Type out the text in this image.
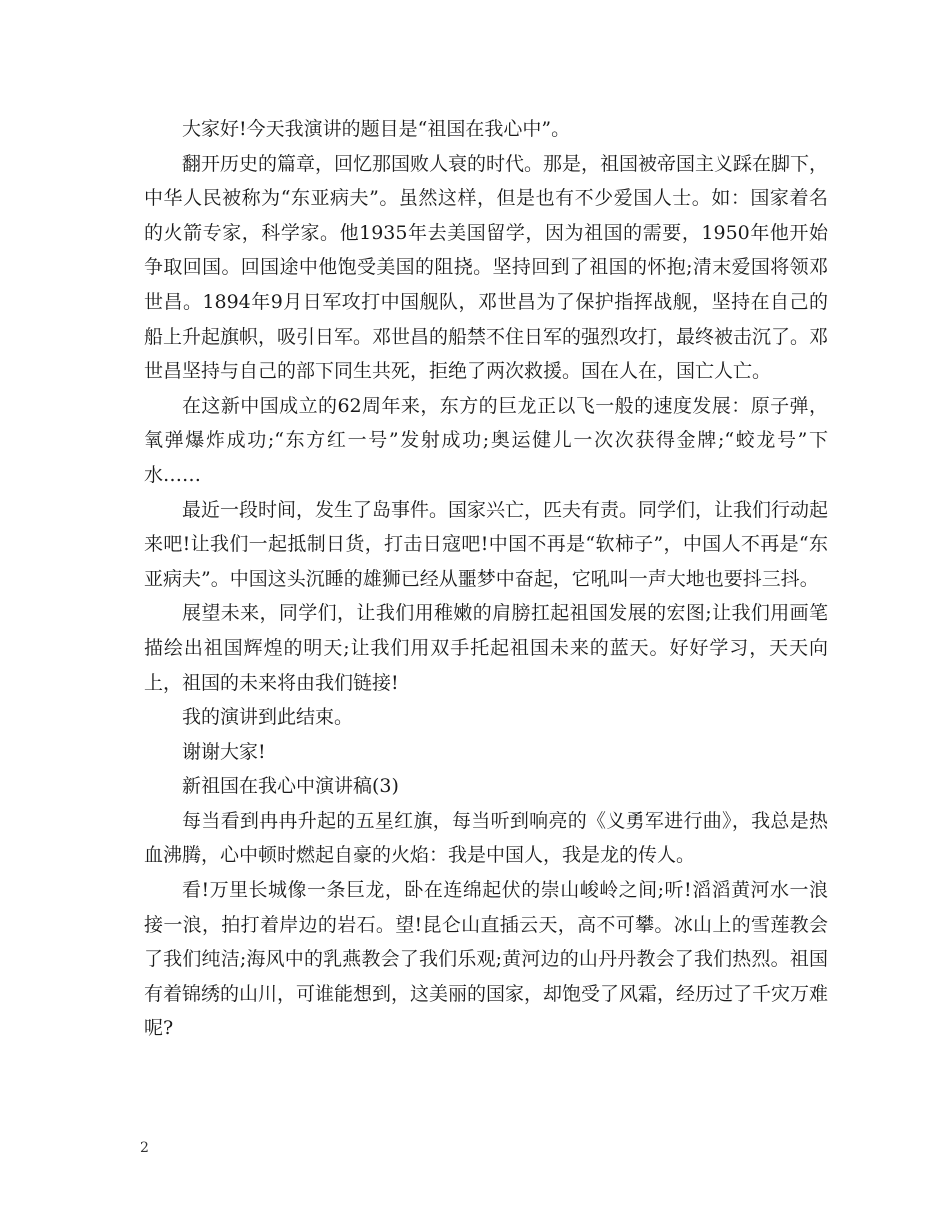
大家好!今天我演讲的题目是“祖国在我心中”。

翻开历史的篇章，回忆那国败人衰的时代。那是，祖国被帝国主义踩在脚下，中华人民被称为“东亚病夫”。虽然这样，但是也有不少爱国人士。如：国家着名的火箭专家，科学家。他1935年去美国留学，因为祖国的需要，1950年他开始争取回国。回国途中他饱受美国的阻挠。坚持回到了祖国的怀抱;清末爱国将领邓世昌。1894年9月日军攻打中国舰队，邓世昌为了保护指挥战舰，坚持在自己的船上升起旗帜，吸引日军。邓世昌的船禁不住日军的强烈攻打，最终被击沉了。邓世昌坚持与自己的部下同生共死，拒绝了两次救援。国在人在，国亡人亡。

在这新中国成立的62周年来，东方的巨龙正以飞一般的速度发展：原子弹，氧弹爆炸成功;“东方红一号”发射成功;奥运健儿一次次获得金牌;“蛟龙号”下水……

最近一段时间，发生了岛事件。国家兴亡，匹夫有责。同学们，让我们行动起来吧!让我们一起抵制日货，打击日寇吧!中国不再是“软柿子”，中国人不再是“东亚病夫”。中国这头沉睡的雄狮已经从噩梦中奋起，它吼叫一声大地也要抖三抖。

展望未来，同学们，让我们用稚嫩的肩膀扛起祖国发展的宏图;让我们用画笔描绘出祖国辉煌的明天;让我们用双手托起祖国未来的蓝天。好好学习，天天向上，祖国的未来将由我们链接!

我的演讲到此结束。

谢谢大家!

新祖国在我心中演讲稿(3)

每当看到冉冉升起的五星红旗，每当听到响亮的《义勇军进行曲》，我总是热血沸腾，心中顿时燃起自豪的火焰：我是中国人，我是龙的传人。

看!万里长城像一条巨龙，卧在连绵起伏的崇山峻岭之间;听!滔滔黄河水一浪接一浪，拍打着岸边的岩石。望!昆仑山直插云天，高不可攀。冰山上的雪莲教会了我们纯洁;海风中的乳燕教会了我们乐观;黄河边的山丹丹教会了我们热烈。祖国有着锦绣的山川，可谁能想到，这美丽的国家，却饱受了风霜，经历过了千灾万难呢?

2
